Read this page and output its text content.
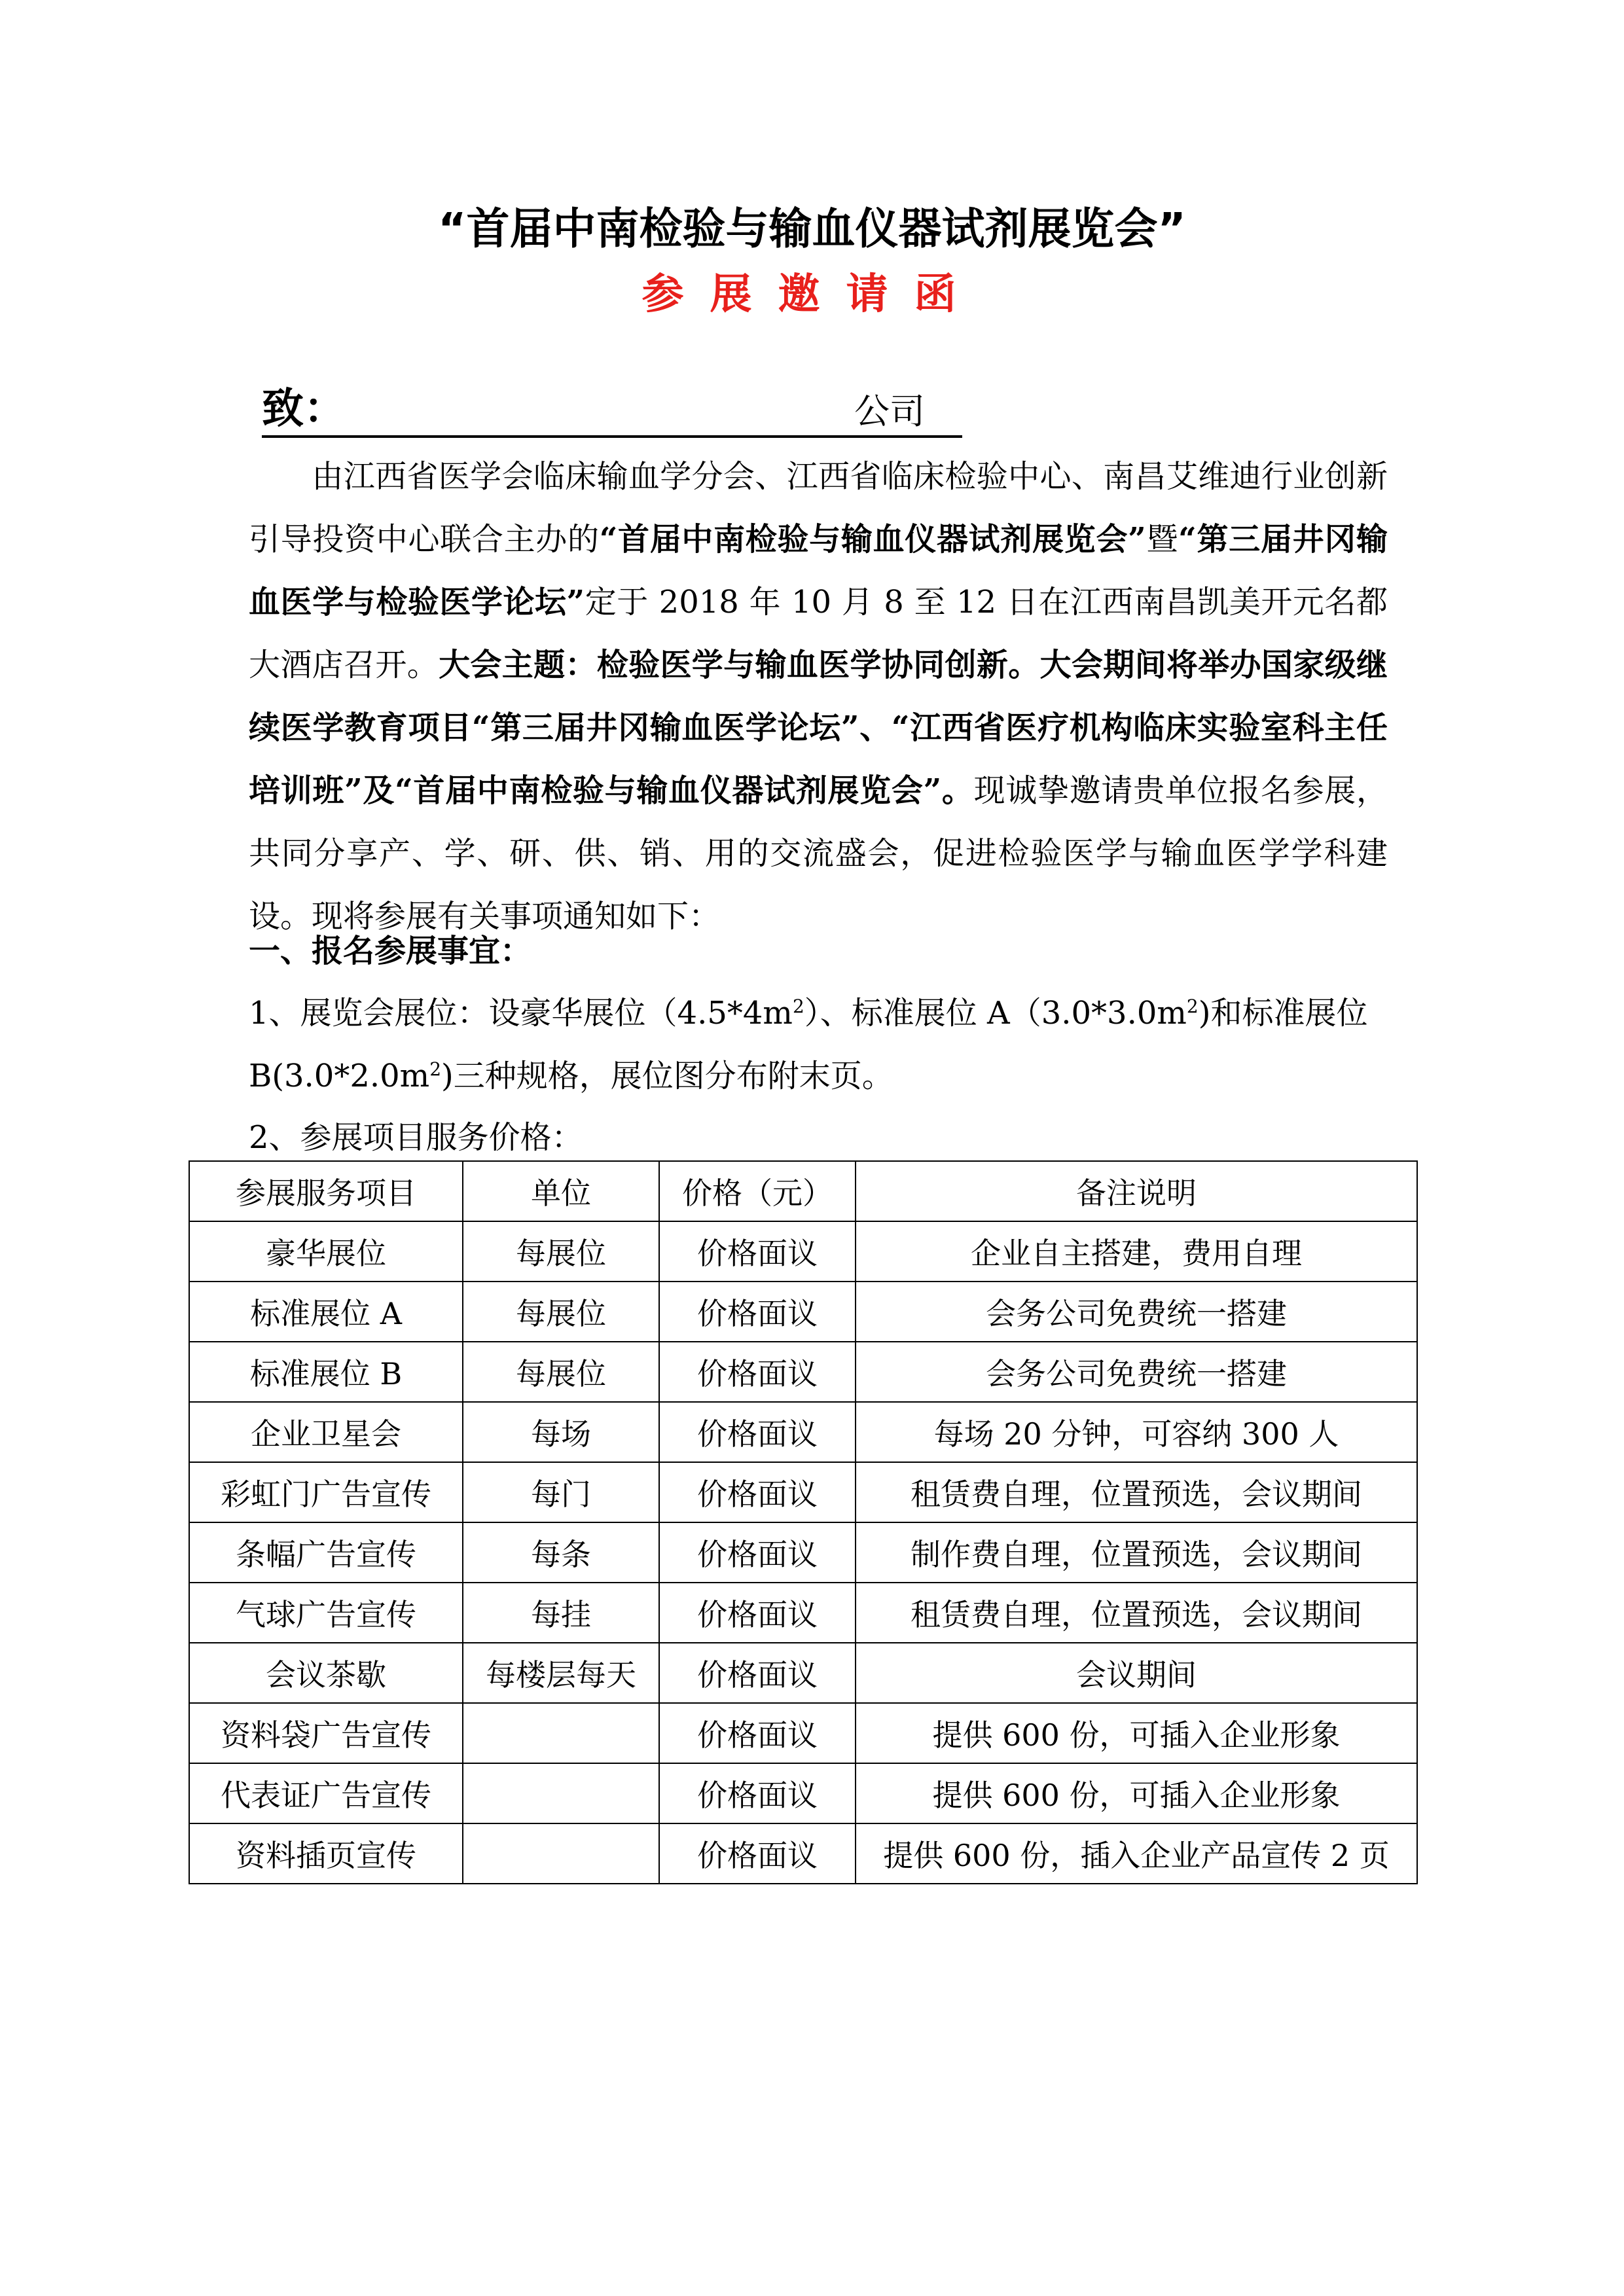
“首届中南检验与输血仪器试剂展览会”
参展邀请函
致：	公司
由江西省医学会临床输血学分会、江西省临床检验中心、南昌艾维迪行业创新引导投资中心联合主办的“首届中南检验与输血仪器试剂展览会”暨“第三届井冈输血医学与检验医学论坛”定于 2018 年 10 月 8 至 12 日在江西南昌凯美开元名都大酒店召开。大会主题：检验医学与输血医学协同创新。大会期间将举办国家级继续医学教育项目“第三届井冈输血医学论坛”、“江西省医疗机构临床实验室科主任培训班”及“首届中南检验与输血仪器试剂展览会”。现诚挚邀请贵单位报名参展，共同分享产、学、研、供、销、用的交流盛会，促进检验医学与输血医学学科建设。现将参展有关事项通知如下：
一、报名参展事宜：
1、展览会展位：设豪华展位$(4.5*4m^2)$、标准展位 $A(3.0*3.0m^2)$和标准展位
$B(3.0*2.0m^2)$三种规格，展位图分布附末页。
2、参展项目服务价格：
参展服务项目	单位	价格（元）	备注说明
豪华展位	每展位	价格面议	企业自主搭建，费用自理
标准展位 A	每展位	价格面议	会务公司免费统一搭建
标准展位 B	每展位	价格面议	会务公司免费统一搭建
企业卫星会	每场	价格面议	每场 20 分钟，可容纳 300 人
彩虹门广告宣传	每门	价格面议	租赁费自理，位置预选，会议期间
条幅广告宣传	每条	价格面议	制作费自理，位置预选，会议期间
气球广告宣传	每挂	价格面议	租赁费自理，位置预选，会议期间
会议茶歇	每楼层每天	价格面议	会议期间
资料袋广告宣传		价格面议	提供 600 份，可插入企业形象
代表证广告宣传		价格面议	提供 600 份，可插入企业形象
资料插页宣传		价格面议	提供 600 份，插入企业产品宣传 2 页
